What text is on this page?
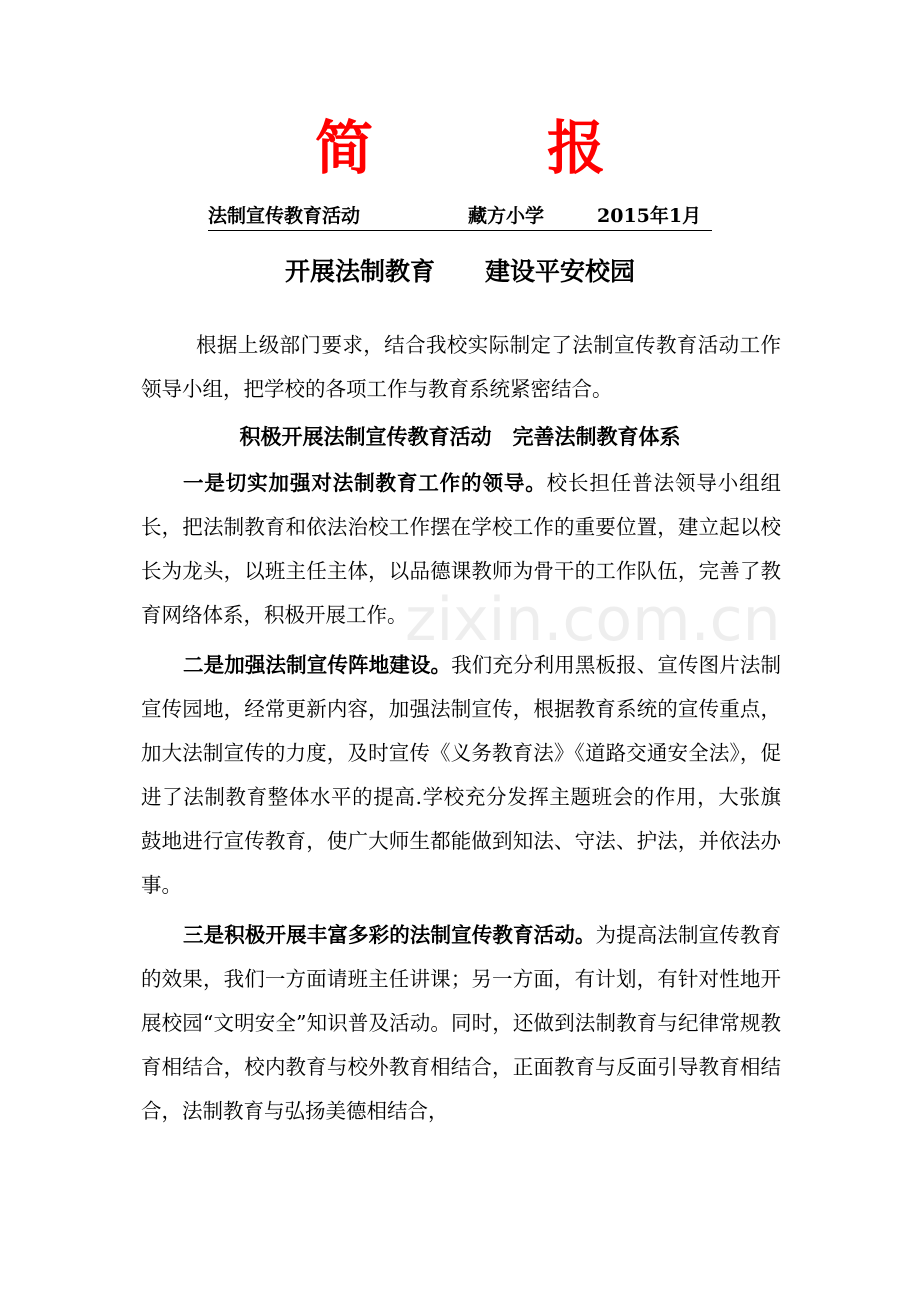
简　报
法制宣传教育活动	藏方小学	2015年1月
开展法制教育　　建设平安校园
根据上级部门要求，结合我校实际制定了法制宣传教育活动工作领导小组，把学校的各项工作与教育系统紧密结合。
积极开展法制宣传教育活动　完善法制教育体系
一是切实加强对法制教育工作的领导。校长担任普法领导小组组长，把法制教育和依法治校工作摆在学校工作的重要位置，建立起以校长为龙头，以班主任主体，以品德课教师为骨干的工作队伍，完善了教育网络体系，积极开展工作。
二是加强法制宣传阵地建设。我们充分利用黑板报、宣传图片法制宣传园地，经常更新内容，加强法制宣传，根据教育系统的宣传重点，加大法制宣传的力度，及时宣传《义务教育法》《道路交通安全法》，促进了法制教育整体水平的提高.学校充分发挥主题班会的作用，大张旗鼓地进行宣传教育，使广大师生都能做到知法、守法、护法，并依法办事。
三是积极开展丰富多彩的法制宣传教育活动。为提高法制宣传教育的效果，我们一方面请班主任讲课；另一方面，有计划，有针对性地开展校园“文明安全”知识普及活动。同时，还做到法制教育与纪律常规教育相结合，校内教育与校外教育相结合，正面教育与反面引导教育相结合，法制教育与弘扬美德相结合，
zixin.com.cn
